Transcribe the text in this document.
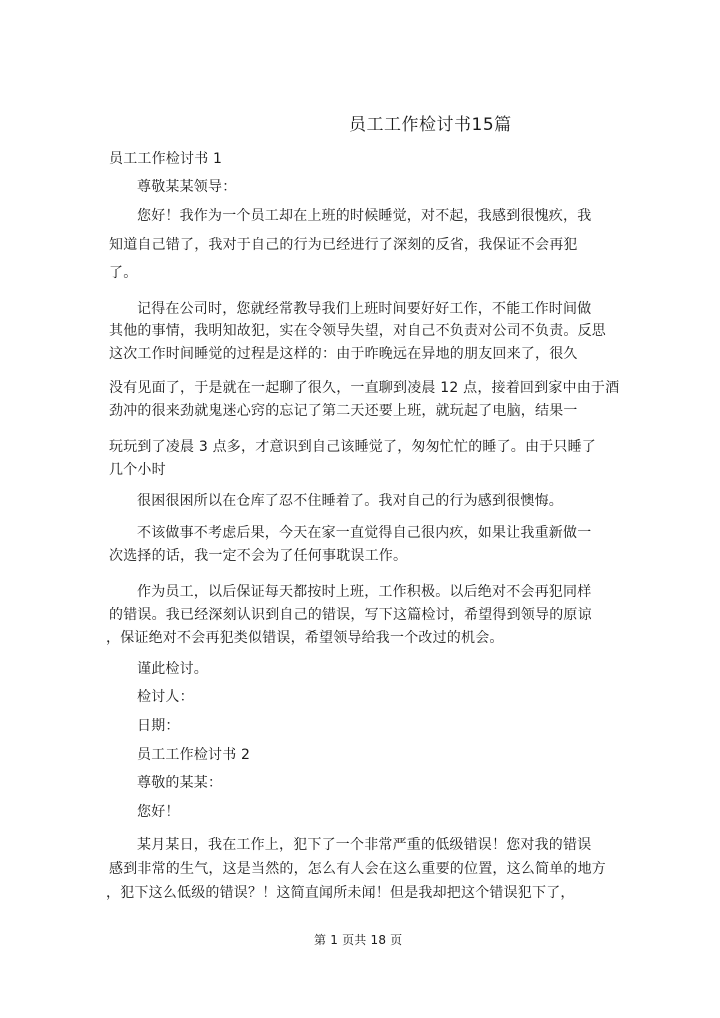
员工工作检讨书15篇
员工工作检讨书 1
尊敬某某领导：
您好！我作为一个员工却在上班的时候睡觉，对不起，我感到很愧疚，我
知道自己错了，我对于自己的行为已经进行了深刻的反省，我保证不会再犯
了。
记得在公司时，您就经常教导我们上班时间要好好工作，不能工作时间做
其他的事情，我明知故犯，实在令领导失望，对自己不负责对公司不负责。反思
这次工作时间睡觉的过程是这样的：由于昨晚远在异地的朋友回来了，很久
没有见面了，于是就在一起聊了很久，一直聊到凌晨 12 点，接着回到家中由于酒
劲冲的很来劲就鬼迷心窍的忘记了第二天还要上班，就玩起了电脑，结果一
玩玩到了凌晨 3 点多，才意识到自己该睡觉了，匆匆忙忙的睡了。由于只睡了
几个小时
很困很困所以在仓库了忍不住睡着了。我对自己的行为感到很懊悔。
不该做事不考虑后果，今天在家一直觉得自己很内疚，如果让我重新做一
次选择的话，我一定不会为了任何事耽误工作。
作为员工，以后保证每天都按时上班，工作积极。以后绝对不会再犯同样
的错误。我已经深刻认识到自己的错误，写下这篇检讨，希望得到领导的原谅
，保证绝对不会再犯类似错误，希望领导给我一个改过的机会。
谨此检讨。
检讨人：
日期：
员工工作检讨书 2
尊敬的某某：
您好！
某月某日，我在工作上，犯下了一个非常严重的低级错误！您对我的错误
感到非常的生气，这是当然的，怎么有人会在这么重要的位置，这么简单的地方
，犯下这么低级的错误？！这简直闻所未闻！但是我却把这个错误犯下了，
第 1 页共 18 页
